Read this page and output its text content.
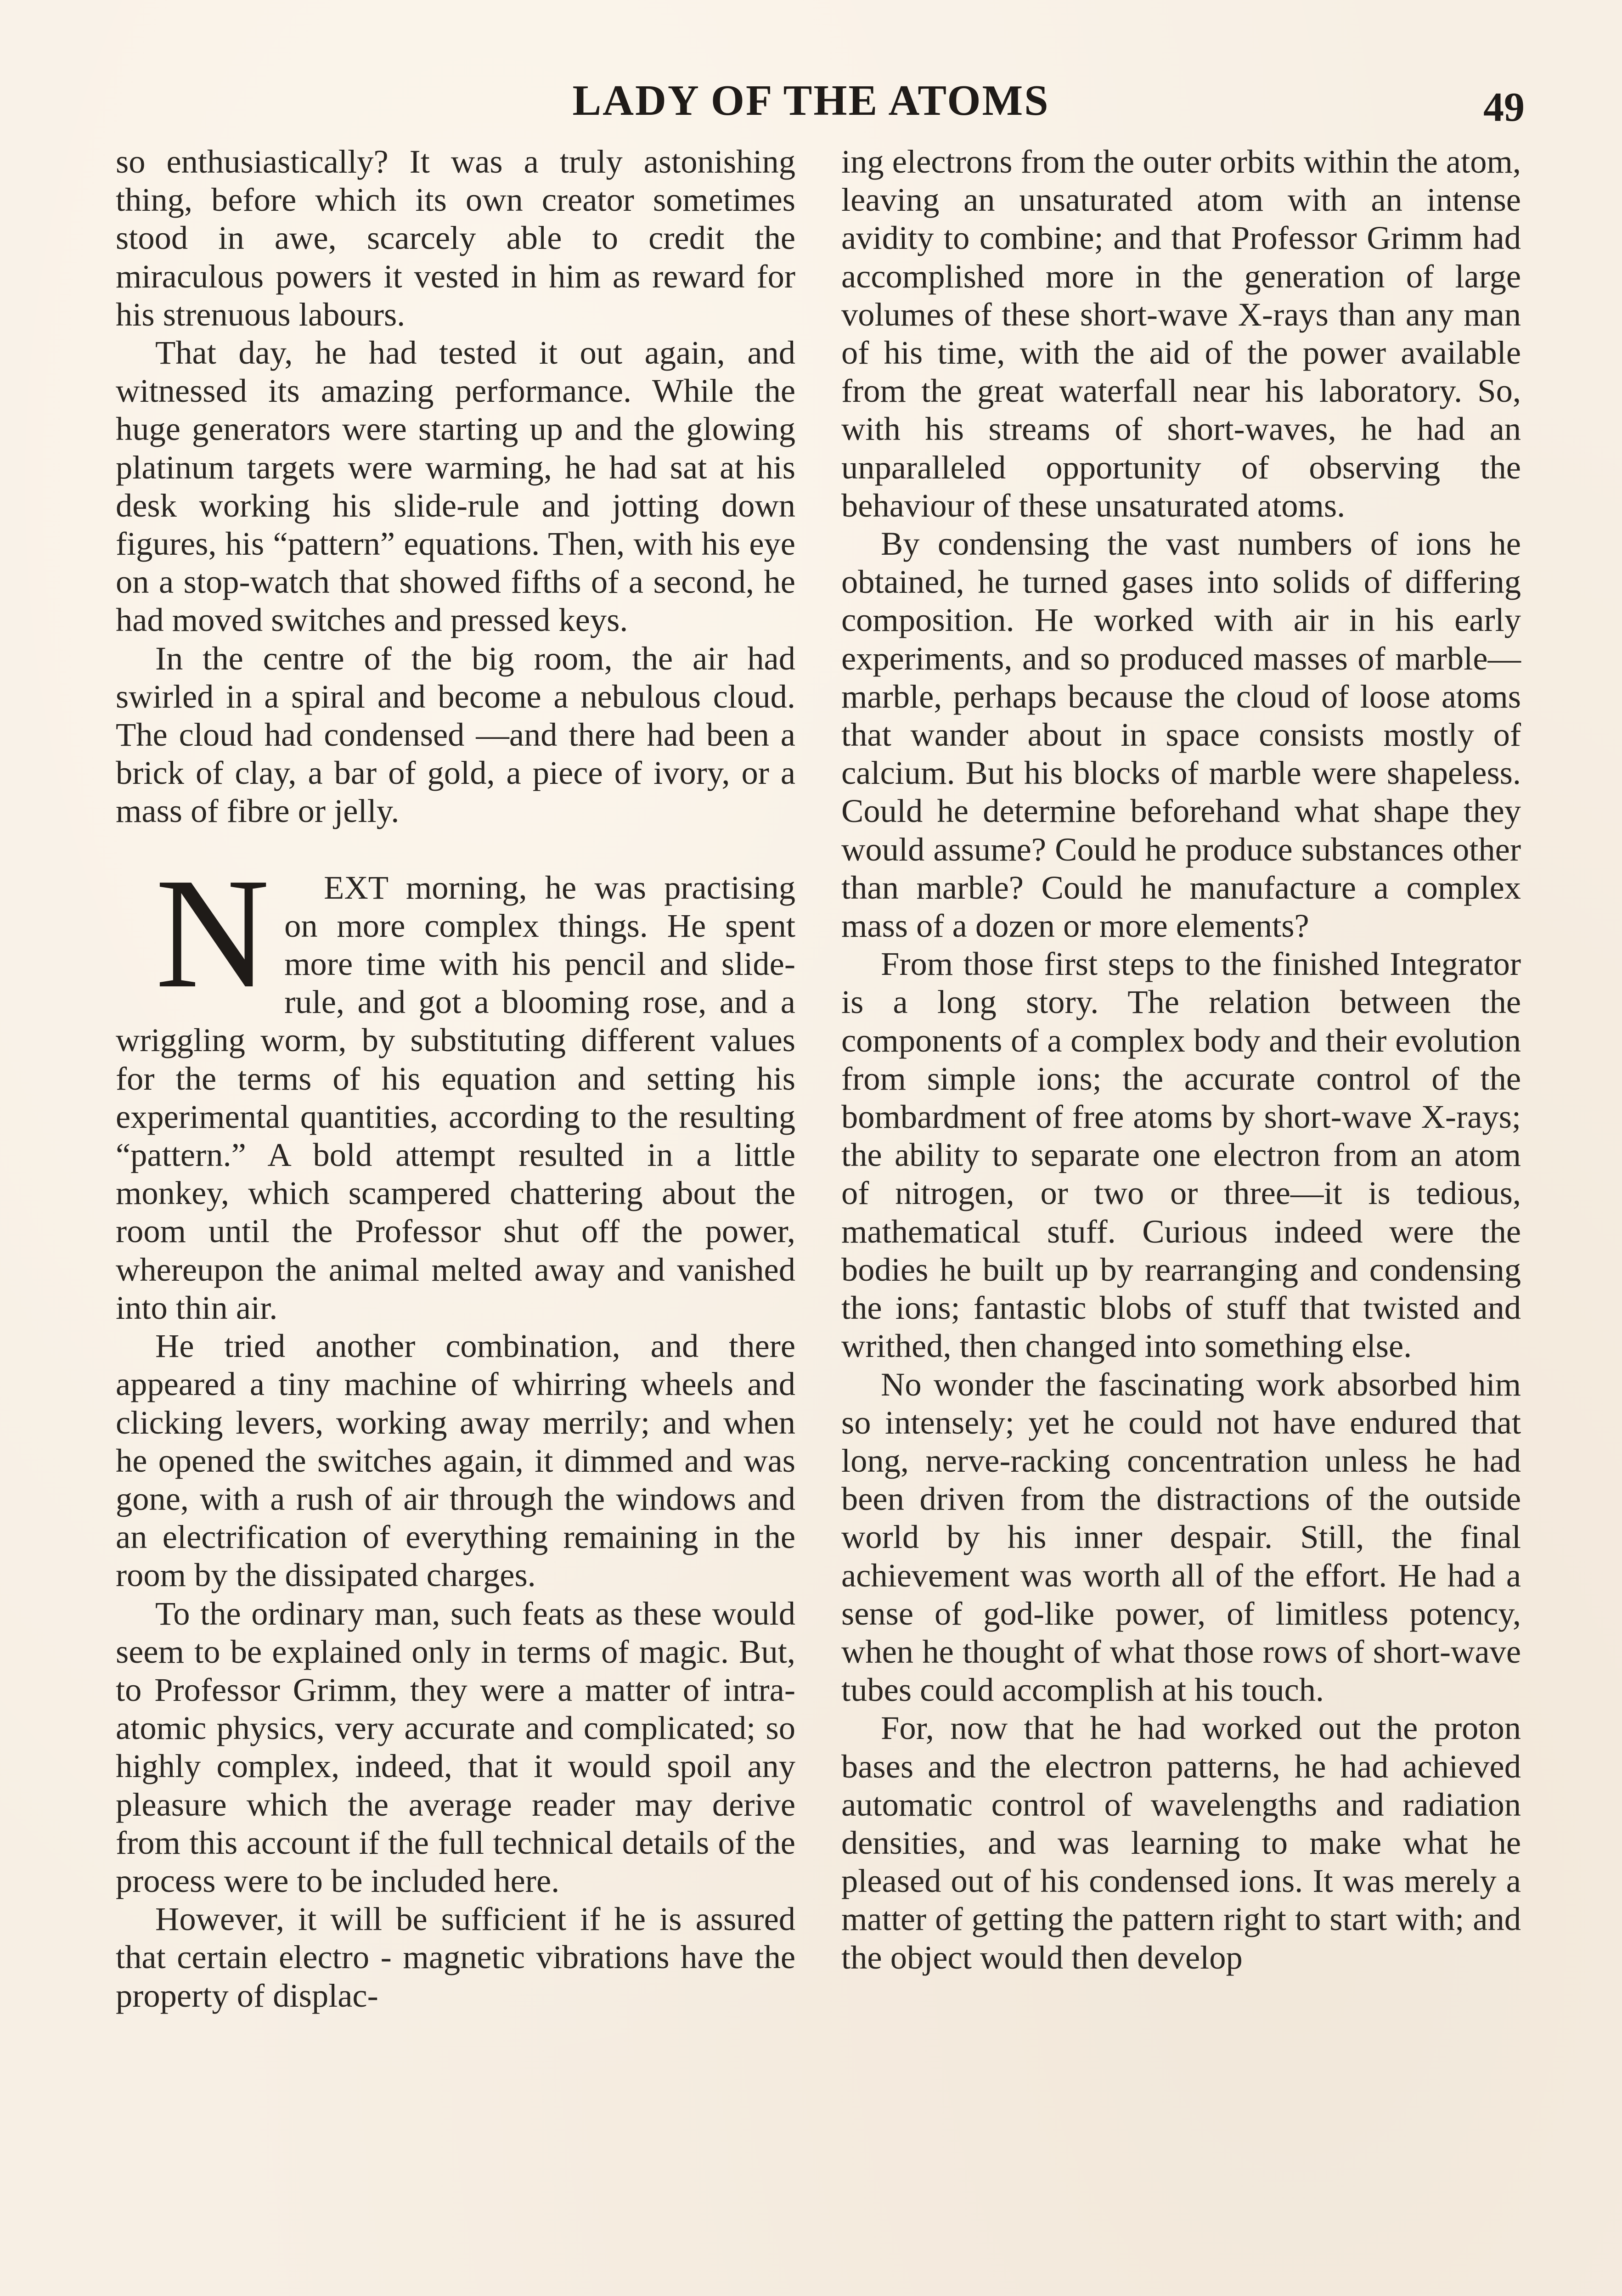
LADY OF THE ATOMS	49

so enthusiastically? It was a truly astonishing thing, before which its own creator sometimes stood in awe, scarcely able to credit the miraculous powers it vested in him as reward for his strenuous labours.

That day, he had tested it out again, and witnessed its amazing performance. While the huge generators were starting up and the glowing platinum targets were warming, he had sat at his desk working his slide-rule and jotting down figures, his “pattern” equations. Then, with his eye on a stop-watch that showed fifths of a second, he had moved switches and pressed keys.

In the centre of the big room, the air had swirled in a spiral and become a nebulous cloud. The cloud had condensed —and there had been a brick of clay, a bar of gold, a piece of ivory, or a mass of fibre or jelly.

N EXT morning, he was practising on more complex things. He spent more time with his pencil and slide-rule, and got a blooming rose, and a wriggling worm, by substituting different values for the terms of his equation and setting his experimental quantities, according to the resulting “pattern.” A bold attempt resulted in a little monkey, which scampered chattering about the room until the Professor shut off the power, whereupon the animal melted away and vanished into thin air.

He tried another combination, and there appeared a tiny machine of whirring wheels and clicking levers, working away merrily; and when he opened the switches again, it dimmed and was gone, with a rush of air through the windows and an electrification of everything remaining in the room by the dissipated charges.

To the ordinary man, such feats as these would seem to be explained only in terms of magic. But, to Professor Grimm, they were a matter of intra-atomic physics, very accurate and complicated; so highly complex, indeed, that it would spoil any pleasure which the average reader may derive from this account if the full technical details of the process were to be included here.

However, it will be sufficient if he is assured that certain electro - magnetic vibrations have the property of displac-

ing electrons from the outer orbits within the atom, leaving an unsaturated atom with an intense avidity to combine; and that Professor Grimm had accomplished more in the generation of large volumes of these short-wave X-rays than any man of his time, with the aid of the power available from the great waterfall near his laboratory. So, with his streams of short-waves, he had an unparalleled opportunity of observing the behaviour of these unsaturated atoms.

By condensing the vast numbers of ions he obtained, he turned gases into solids of differing composition. He worked with air in his early experiments, and so produced masses of marble—marble, perhaps because the cloud of loose atoms that wander about in space consists mostly of calcium. But his blocks of marble were shapeless. Could he determine beforehand what shape they would assume? Could he produce substances other than marble? Could he manufacture a complex mass of a dozen or more elements?

From those first steps to the finished Integrator is a long story. The relation between the components of a complex body and their evolution from simple ions; the accurate control of the bombardment of free atoms by short-wave X-rays; the ability to separate one electron from an atom of nitrogen, or two or three—it is tedious, mathematical stuff. Curious indeed were the bodies he built up by rearranging and condensing the ions; fantastic blobs of stuff that twisted and writhed, then changed into something else.

No wonder the fascinating work absorbed him so intensely; yet he could not have endured that long, nerve-racking concentration unless he had been driven from the distractions of the outside world by his inner despair. Still, the final achievement was worth all of the effort. He had a sense of god-like power, of limitless potency, when he thought of what those rows of short-wave tubes could accomplish at his touch.

For, now that he had worked out the proton bases and the electron patterns, he had achieved automatic control of wavelengths and radiation densities, and was learning to make what he pleased out of his condensed ions. It was merely a matter of getting the pattern right to start with; and the object would then develop
